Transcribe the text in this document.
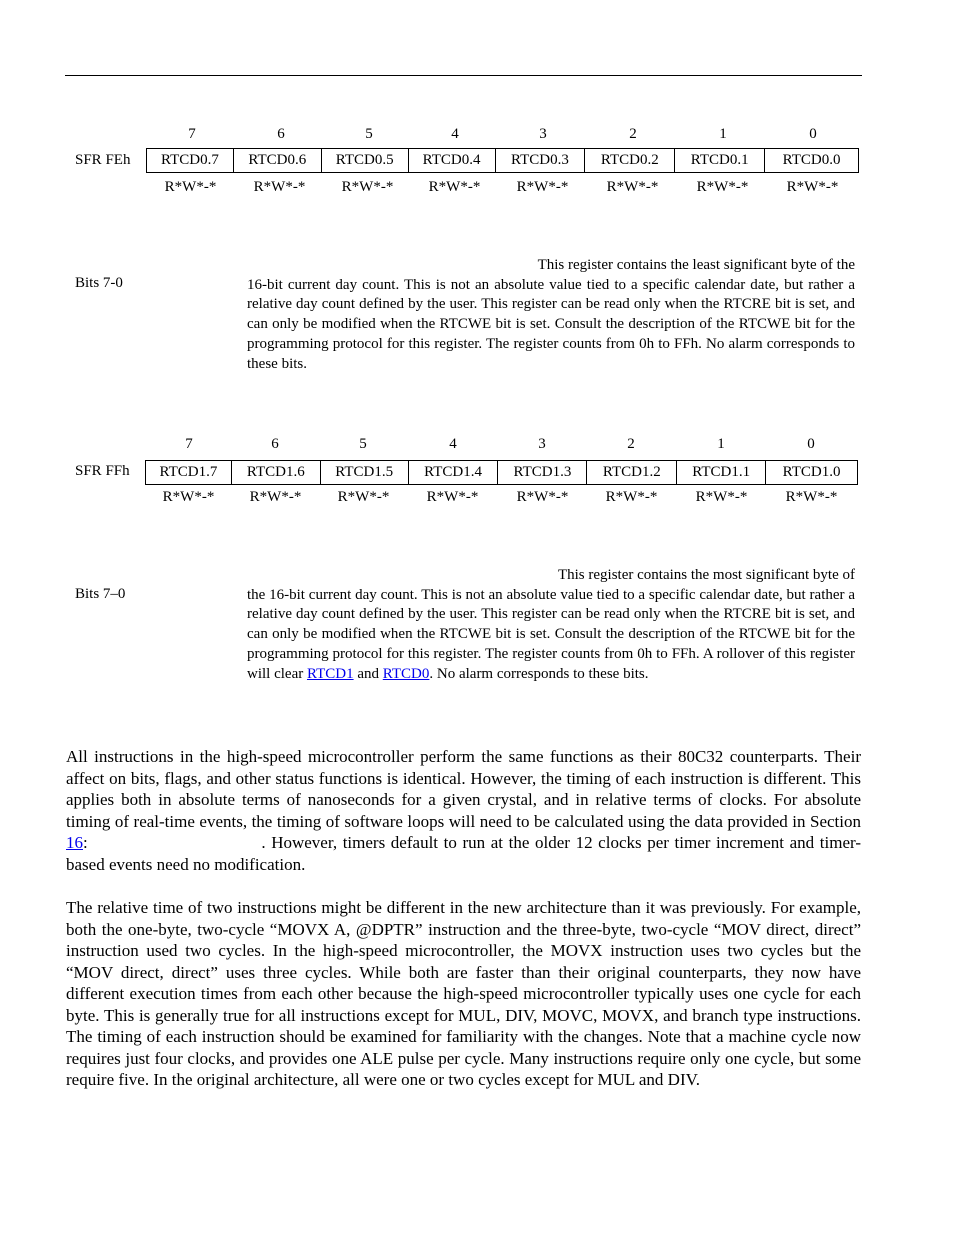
7	6	5	4	3	2	1	0
SFR FEh RTCD0.7	RTCD0.6	RTCD0.5	RTCD0.4	RTCD0.3	RTCD0.2	RTCD0.1	RTCD0.0
R*W*-*	R*W*-*	R*W*-*	R*W*-*	R*W*-*	R*W*-*	R*W*-*	R*W*-*
Bits 7-0
This register contains the least significant byte of the
16-bit current day count. This is not an absolute value tied to a specific calendar date, but rather a relative day count defined by the user. This register can be read only when the RTCRE bit is set, and can only be modified when the RTCWE bit is set. Consult the description of the RTCWE bit for the programming protocol for this register. The register counts from 0h to FFh. No alarm corresponds to these bits.
7	6	5	4	3	2	1	0
SFR FFh RTCD1.7	RTCD1.6	RTCD1.5	RTCD1.4	RTCD1.3	RTCD1.2	RTCD1.1	RTCD1.0
R*W*-*	R*W*-*	R*W*-*	R*W*-*	R*W*-*	R*W*-*	R*W*-*	R*W*-*
Bits 7–0
This register contains the most significant byte of
the 16-bit current day count. This is not an absolute value tied to a specific calendar date, but rather a relative day count defined by the user. This register can be read only when the RTCRE bit is set, and can only be modified when the RTCWE bit is set. Consult the description of the RTCWE bit for the programming protocol for this register. The register counts from 0h to FFh. A rollover of this register will clear RTCD1 and RTCD0. No alarm corresponds to these bits.
All instructions in the high-speed microcontroller perform the same functions as their 80C32 counterparts. Their affect on bits, flags, and other status functions is identical. However, the timing of each instruction is different. This applies both in absolute terms of nanoseconds for a given crystal, and in relative terms of clocks. For absolute timing of real-time events, the timing of software loops will need to be calculated using the data provided in Section 16:	. However, timers default to run at the older 12 clocks per timer increment and timer-based events need no modification.
The relative time of two instructions might be different in the new architecture than it was previously. For example, both the one-byte, two-cycle “MOVX A, @DPTR” instruction and the three-byte, two-cycle “MOV direct, direct” instruction used two cycles. In the high-speed microcontroller, the MOVX instruction uses two cycles but the “MOV direct, direct” uses three cycles. While both are faster than their original counterparts, they now have different execution times from each other because the high-speed microcontroller typically uses one cycle for each byte. This is generally true for all instructions except for MUL, DIV, MOVC, MOVX, and branch type instructions. The timing of each instruction should be examined for familiarity with the changes. Note that a machine cycle now requires just four clocks, and provides one ALE pulse per cycle. Many instructions require only one cycle, but some require five. In the original architecture, all were one or two cycles except for MUL and DIV.
